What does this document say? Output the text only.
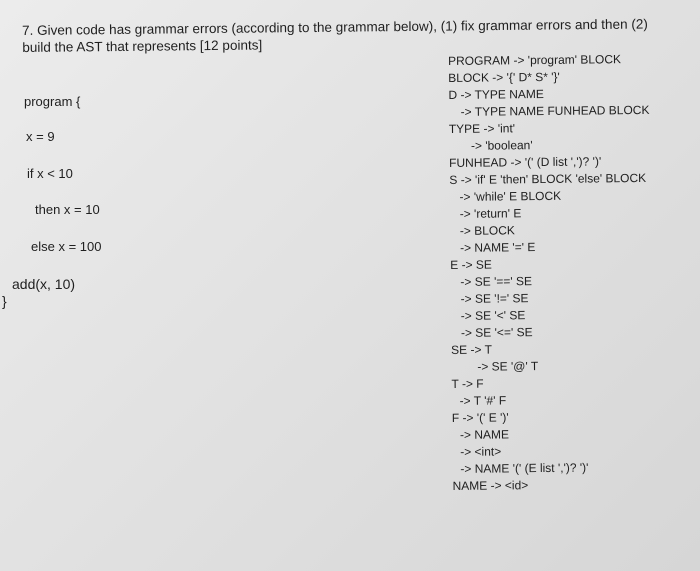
7. Given code has grammar errors (according to the grammar below), (1) fix grammar errors and then (2)
build the AST that represents [12 points]
program {
x = 9
if x < 10
then x = 10
else x = 100
add(x, 10)
}
PROGRAM -> 'program' BLOCK
BLOCK -> '{' D* S* '}'
D -> TYPE NAME
-> TYPE NAME FUNHEAD BLOCK
TYPE -> 'int'
-> 'boolean'
FUNHEAD -> '(' (D list ',')? ')'
S -> 'if' E 'then' BLOCK 'else' BLOCK
-> 'while' E BLOCK
-> 'return' E
-> BLOCK
-> NAME '=' E
E -> SE
-> SE '==' SE
-> SE '!=' SE
-> SE '<' SE
-> SE '<=' SE
SE -> T
-> SE '@' T
T -> F
-> T '#' F
F -> '(' E ')'
-> NAME
-> <int>
-> NAME '(' (E list ',')? ')'
NAME -> <id>
